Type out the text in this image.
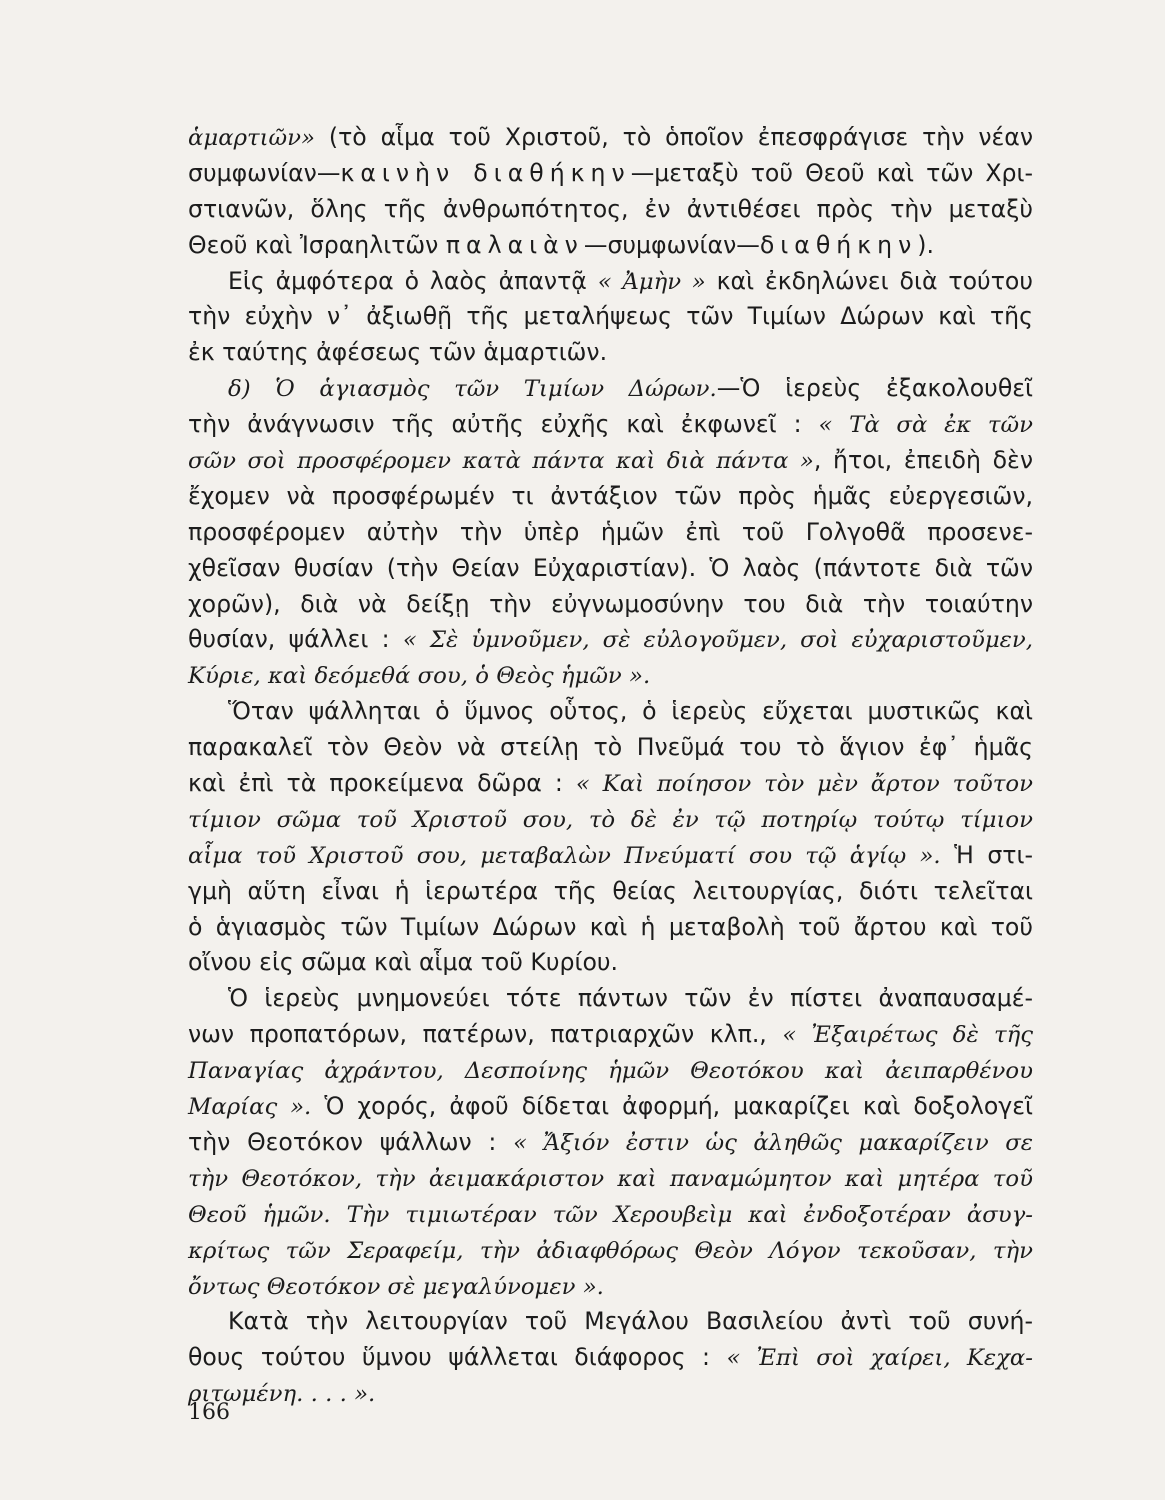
ἁμαρτιῶν» (τὸ αἷμα τοῦ Χριστοῦ, τὸ ὁποῖον ἐπεσφράγισε τὴν νέαν
συμφωνίαν—καινὴν διαθήκην—μεταξὺ τοῦ Θεοῦ καὶ τῶν Χρι-
στιανῶν, ὅλης τῆς ἀνθρωπότητος, ἐν ἀντιθέσει πρὸς τὴν μεταξὺ
Θεοῦ καὶ Ἰσραηλιτῶν παλαιὰν—συμφωνίαν—διαθήκην).
Εἰς ἀμφότερα ὁ λαὸς ἀπαντᾷ « Ἀμὴν » καὶ ἐκδηλώνει διὰ τούτου
τὴν εὐχὴν ν᾽ ἀξιωθῇ τῆς μεταλήψεως τῶν Τιμίων Δώρων καὶ τῆς
ἐκ ταύτης ἀφέσεως τῶν ἁμαρτιῶν.
δ) Ὁ ἁγιασμὸς τῶν Τιμίων Δώρων.—Ὁ ἱερεὺς ἐξακολουθεῖ
τὴν ἀνάγνωσιν τῆς αὐτῆς εὐχῆς καὶ ἐκφωνεῖ : « Τὰ σὰ ἐκ τῶν
σῶν σοὶ προσφέρομεν κατὰ πάντα καὶ διὰ πάντα », ἤτοι, ἐπειδὴ δὲν
ἔχομεν νὰ προσφέρωμέν τι ἀντάξιον τῶν πρὸς ἡμᾶς εὐεργεσιῶν,
προσφέρομεν αὐτὴν τὴν ὑπὲρ ἡμῶν ἐπὶ τοῦ Γολγοθᾶ προσενε-
χθεῖσαν θυσίαν (τὴν Θείαν Εὐχαριστίαν). Ὁ λαὸς (πάντοτε διὰ τῶν
χορῶν), διὰ νὰ δείξῃ τὴν εὐγνωμοσύνην του διὰ τὴν τοιαύτην
θυσίαν, ψάλλει : « Σὲ ὑμνοῦμεν, σὲ εὐλογοῦμεν, σοὶ εὐχαριστοῦμεν,
Κύριε, καὶ δεόμεθά σου, ὁ Θεὸς ἡμῶν ».
Ὅταν ψάλληται ὁ ὕμνος οὗτος, ὁ ἱερεὺς εὔχεται μυστικῶς καὶ
παρακαλεῖ τὸν Θεὸν νὰ στείλῃ τὸ Πνεῦμά του τὸ ἅγιον ἐφ᾽ ἡμᾶς
καὶ ἐπὶ τὰ προκείμενα δῶρα : « Καὶ ποίησον τὸν μὲν ἄρτον τοῦτον
τίμιον σῶμα τοῦ Χριστοῦ σου, τὸ δὲ ἐν τῷ ποτηρίῳ τούτῳ τίμιον
αἷμα τοῦ Χριστοῦ σου, μεταβαλὼν Πνεύματί σου τῷ ἁγίῳ ». Ἡ στι-
γμὴ αὕτη εἶναι ἡ ἱερωτέρα τῆς θείας λειτουργίας, διότι τελεῖται
ὁ ἁγιασμὸς τῶν Τιμίων Δώρων καὶ ἡ μεταβολὴ τοῦ ἄρτου καὶ τοῦ
οἴνου εἰς σῶμα καὶ αἷμα τοῦ Κυρίου.
Ὁ ἱερεὺς μνημονεύει τότε πάντων τῶν ἐν πίστει ἀναπαυσαμέ-
νων προπατόρων, πατέρων, πατριαρχῶν κλπ., « Ἐξαιρέτως δὲ τῆς
Παναγίας ἀχράντου, Δεσποίνης ἡμῶν Θεοτόκου καὶ ἀειπαρθένου
Μαρίας ». Ὁ χορός, ἀφοῦ δίδεται ἀφορμή, μακαρίζει καὶ δοξολογεῖ
τὴν Θεοτόκον ψάλλων : « Ἄξιόν ἐστιν ὡς ἀληθῶς μακαρίζειν σε
τὴν Θεοτόκον, τὴν ἀειμακάριστον καὶ παναμώμητον καὶ μητέρα τοῦ
Θεοῦ ἡμῶν. Τὴν τιμιωτέραν τῶν Χερουβεὶμ καὶ ἐνδοξοτέραν ἀσυγ-
κρίτως τῶν Σεραφείμ, τὴν ἀδιαφθόρως Θεὸν Λόγον τεκοῦσαν, τὴν
ὄντως Θεοτόκον σὲ μεγαλύνομεν ».
Κατὰ τὴν λειτουργίαν τοῦ Μεγάλου Βασιλείου ἀντὶ τοῦ συνή-
θους τούτου ὕμνου ψάλλεται διάφορος : « Ἐπὶ σοὶ χαίρει, Κεχα-
ριτωμένη. . . . ».
166
